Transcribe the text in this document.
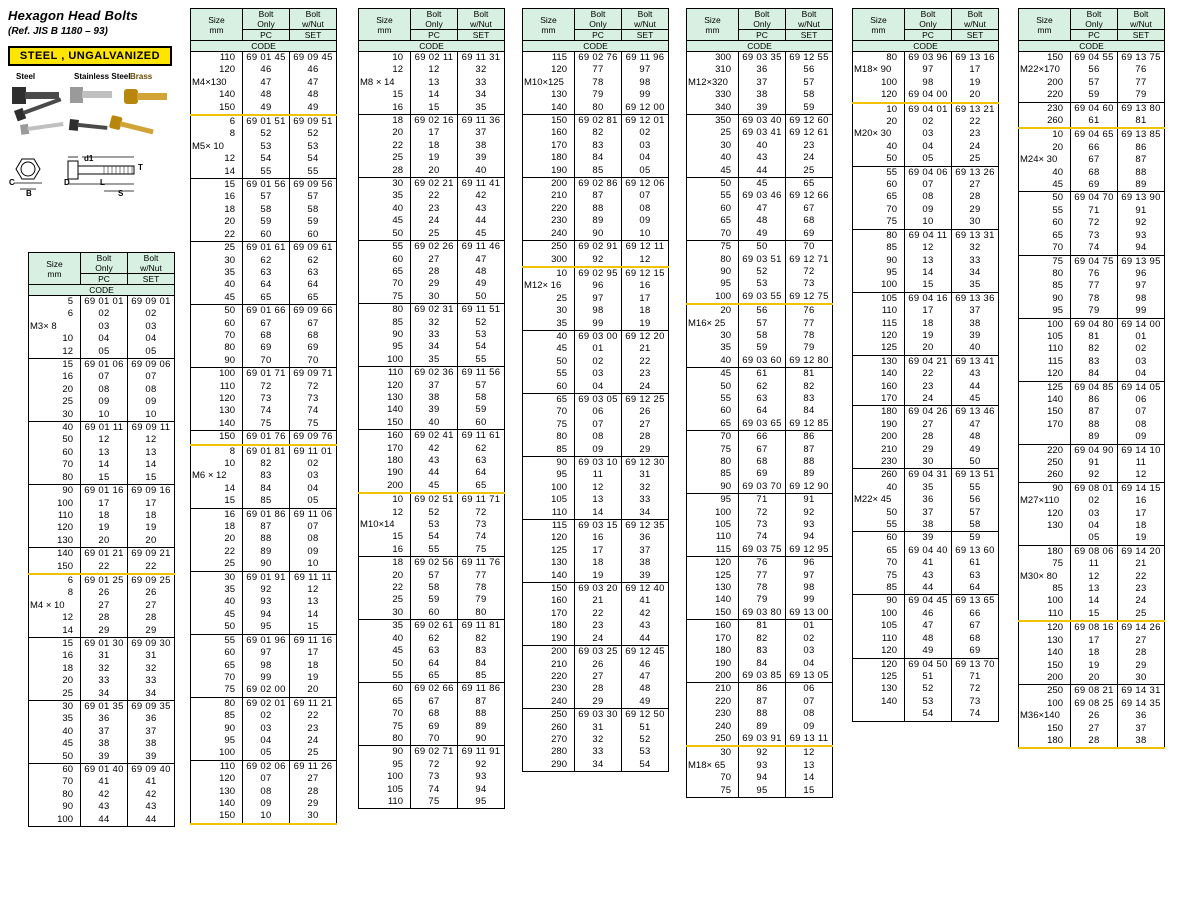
Hexagon Head Bolts
(Ref. JIS B 1180 – 93)
STEEL , UNGALVANIZED
Steel	Stainless Steel Brass
C
B
D
d1
L
S
T
Size
mm	Bolt
Only	Bolt
w/Nut
	PC	SET
CODE		
5	69 01 01	69 09 01
6	02	02
M3× 8	03	03
10	04	04
12	05	05
15	69 01 06	69 09 06
16	07	07
20	08	08
25	09	09
30	10	10
40	69 01 11	69 09 11
50	12	12
60	13	13
70	14	14
80	15	15
90	69 01 16	69 09 16
100	17	17
110	18	18
120	19	19
130	20	20
140	69 01 21	69 09 21
150	22	22
6	69 01 25	69 09 25
8	26	26
M4 × 10	27	27
12	28	28
14	29	29
15	69 01 30	69 09 30
16	31	31
18	32	32
20	33	33
25	34	34
30	69 01 35	69 09 35
35	36	36
40	37	37
45	38	38
50	39	39
60	69 01 40	69 09 40
70	41	41
80	42	42
90	43	43
100	44	44
Size
mm	Bolt
Only	Bolt
w/Nut
	PC	SET
CODE		
110	69 01 45	69 09 45
120	46	46
M4×130	47	47
140	48	48
150	49	49
6	69 01 51	69 09 51
8	52	52
M5× 10	53	53
12	54	54
14	55	55
15	69 01 56	69 09 56
16	57	57
18	58	58
20	59	59
22	60	60
25	69 01 61	69 09 61
30	62	62
35	63	63
40	64	64
45	65	65
50	69 01 66	69 09 66
60	67	67
70	68	68
80	69	69
90	70	70
100	69 01 71	69 09 71
110	72	72
120	73	73
130	74	74
140	75	75
150	69 01 76	69 09 76
8	69 01 81	69 11 01
10	82	02
M6 × 12	83	03
14	84	04
15	85	05
16	69 01 86	69 11 06
18	87	07
20	88	08
22	89	09
25	90	10
30	69 01 91	69 11 11
35	92	12
40	93	13
45	94	14
50	95	15
55	69 01 96	69 11 16
60	97	17
65	98	18
70	99	19
75	69 02 00	20
80	69 02 01	69 11 21
85	02	22
90	03	23
95	04	24
100	05	25
110	69 02 06	69 11 26
120	07	27
130	08	28
140	09	29
150	10	30
Size
mm	Bolt
Only	Bolt
w/Nut
	PC	SET
CODE		
10	69 02 11	69 11 31
12	12	32
M8 × 14	13	33
15	14	34
16	15	35
18	69 02 16	69 11 36
20	17	37
22	18	38
25	19	39
28	20	40
30	69 02 21	69 11 41
35	22	42
40	23	43
45	24	44
50	25	45
55	69 02 26	69 11 46
60	27	47
65	28	48
70	29	49
75	30	50
80	69 02 31	69 11 51
85	32	52
90	33	53
95	34	54
100	35	55
110	69 02 36	69 11 56
120	37	57
130	38	58
140	39	59
150	40	60
160	69 02 41	69 11 61
170	42	62
180	43	63
190	44	64
200	45	65
10	69 02 51	69 11 71
12	52	72
M10×14	53	73
15	54	74
16	55	75
18	69 02 56	69 11 76
20	57	77
22	58	78
25	59	79
30	60	80
35	69 02 61	69 11 81
40	62	82
45	63	83
50	64	84
55	65	85
60	69 02 66	69 11 86
65	67	87
70	68	88
75	69	89
80	70	90
90	69 02 71	69 11 91
95	72	92
100	73	93
105	74	94
110	75	95
Size
mm	Bolt
Only	Bolt
w/Nut
	PC	SET
CODE		
115	69 02 76	69 11 96
120	77	97
M10×125	78	98
130	79	99
140	80	69 12 00
150	69 02 81	69 12 01
160	82	02
170	83	03
180	84	04
190	85	05
200	69 02 86	69 12 06
210	87	07
220	88	08
230	89	09
240	90	10
250	69 02 91	69 12 11
300	92	12
10	69 02 95	69 12 15
M12× 16	96	16
25	97	17
30	98	18
35	99	19
40	69 03 00	69 12 20
45	01	21
50	02	22
55	03	23
60	04	24
65	69 03 05	69 12 25
70	06	26
75	07	27
80	08	28
85	09	29
90	69 03 10	69 12 30
95	11	31
100	12	32
105	13	33
110	14	34
115	69 03 15	69 12 35
120	16	36
125	17	37
130	18	38
140	19	39
150	69 03 20	69 12 40
160	21	41
170	22	42
180	23	43
190	24	44
200	69 03 25	69 12 45
210	26	46
220	27	47
230	28	48
240	29	49
250	69 03 30	69 12 50
260	31	51
270	32	52
280	33	53
290	34	54
Size
mm	Bolt
Only	Bolt
w/Nut
	PC	SET
CODE		
300	69 03 35	69 12 55
310	36	56
M12×320	37	57
330	38	58
340	39	59
350	69 03 40	69 12 60
25	69 03 41	69 12 61
30	40	23
40	43	24
45	44	25
50	45	65
55	69 03 46	69 12 66
60	47	67
65	48	68
70	49	69
75	50	70
80	69 03 51	69 12 71
90	52	72
95	53	73
100	69 03 55	69 12 75
20	56	76
M16× 25	57	77
30	58	78
35	59	79
40	69 03 60	69 12 80
45	61	81
50	62	82
55	63	83
60	64	84
65	69 03 65	69 12 85
70	66	86
75	67	87
80	68	88
85	69	89
90	69 03 70	69 12 90
95	71	91
100	72	92
105	73	93
110	74	94
115	69 03 75	69 12 95
120	76	96
125	77	97
130	78	98
140	79	99
150	69 03 80	69 13 00
160	81	01
170	82	02
180	83	03
190	84	04
200	69 03 85	69 13 05
210	86	06
220	87	07
230	88	08
240	89	09
250	69 03 91	69 13 11
30	92	12
M18× 65	93	13
70	94	14
75	95	15
Size
mm	Bolt
Only	Bolt
w/Nut
	PC	SET
CODE		
80	69 03 96	69 13 16
M18× 90	97	17
100	98	19
120	69 04 00	20
10	69 04 01	69 13 21
20	02	22
M20× 30	03	23
40	04	24
50	05	25
55	69 04 06	69 13 26
60	07	27
65	08	28
70	09	29
75	10	30
80	69 04 11	69 13 31
85	12	32
90	13	33
95	14	34
100	15	35
105	69 04 16	69 13 36
110	17	37
115	18	38
120	19	39
125	20	40
130	69 04 21	69 13 41
140	22	43
160	23	44
170	24	45
180	69 04 26	69 13 46
190	27	47
200	28	48
210	29	49
230	30	50
260	69 04 31	69 13 51
40	35	55
M22× 45	36	56
50	37	57
55	38	58
60	39	59
65	69 04 40	69 13 60
70	41	61
75	43	63
85	44	64
90	69 04 45	69 13 65
100	46	66
105	47	67
110	48	68
120	49	69
120	69 04 50	69 13 70
125	51	71
130	52	72
140	53	73
	54	74
Size
mm	Bolt
Only	Bolt
w/Nut
	PC	SET
CODE		
150	69 04 55	69 13 75
M22×170	56	76
200	57	77
220	59	79
230	69 04 60	69 13 80
260	61	81
10	69 04 65	69 13 85
20	66	86
M24× 30	67	87
40	68	88
45	69	89
50	69 04 70	69 13 90
55	71	91
60	72	92
65	73	93
70	74	94
75	69 04 75	69 13 95
80	76	96
85	77	97
90	78	98
95	79	99
100	69 04 80	69 14 00
105	81	01
110	82	02
115	83	03
120	84	04
125	69 04 85	69 14 05
140	86	06
150	87	07
170	88	08
	89	09
220	69 04 90	69 14 10
250	91	11
260	92	12
90	69 08 01	69 14 15
M27×110	02	16
120	03	17
130	04	18
	05	19
180	69 08 06	69 14 20
75	11	21
M30× 80	12	22
85	13	23
100	14	24
110	15	25
120	69 08 16	69 14 26
130	17	27
140	18	28
150	19	29
200	20	30
250	69 08 21	69 14 31
100	69 08 25	69 14 35
M36×140	26	36
150	27	37
180	28	38
